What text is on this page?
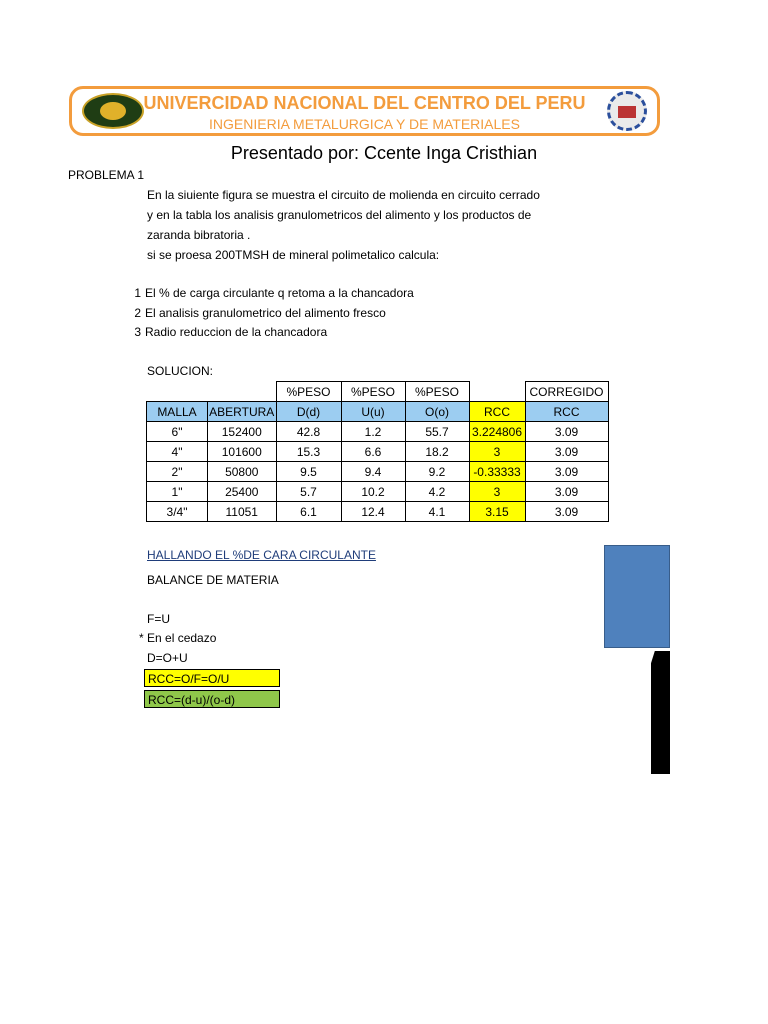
UNIVERCIDAD NACIONAL DEL CENTRO DEL PERU
INGENIERIA METALURGICA Y DE MATERIALES
Presentado por: Ccente Inga Cristhian
PROBLEMA 1
En la siuiente figura se muestra el circuito de molienda en circuito cerrado
y en la tabla los analisis granulometricos del alimento y los productos de
zaranda bibratoria .
si se proesa 200TMSH de mineral polimetalico calcula:
1 El % de carga circulante q retoma a la chancadora
2 El analisis granulometrico del alimento fresco
3 Radio reduccion de la chancadora
SOLUCION:
		%PESO	%PESO	%PESO		CORREGIDO
MALLA	ABERTURA	D(d)	U(u)	O(o)	RCC	RCC
6"	152400	42.8	1.2	55.7	3.224806	3.09
4"	101600	15.3	6.6	18.2	3	3.09
2"	50800	9.5	9.4	9.2	-0.33333	3.09
1"	25400	5.7	10.2	4.2	3	3.09
3/4"	11051	6.1	12.4	4.1	3.15	3.09
HALLANDO EL %DE CARA CIRCULANTE
BALANCE DE MATERIA
F=U
* En el cedazo
D=O+U
RCC=O/F=O/U
RCC=(d-u)/(o-d)
